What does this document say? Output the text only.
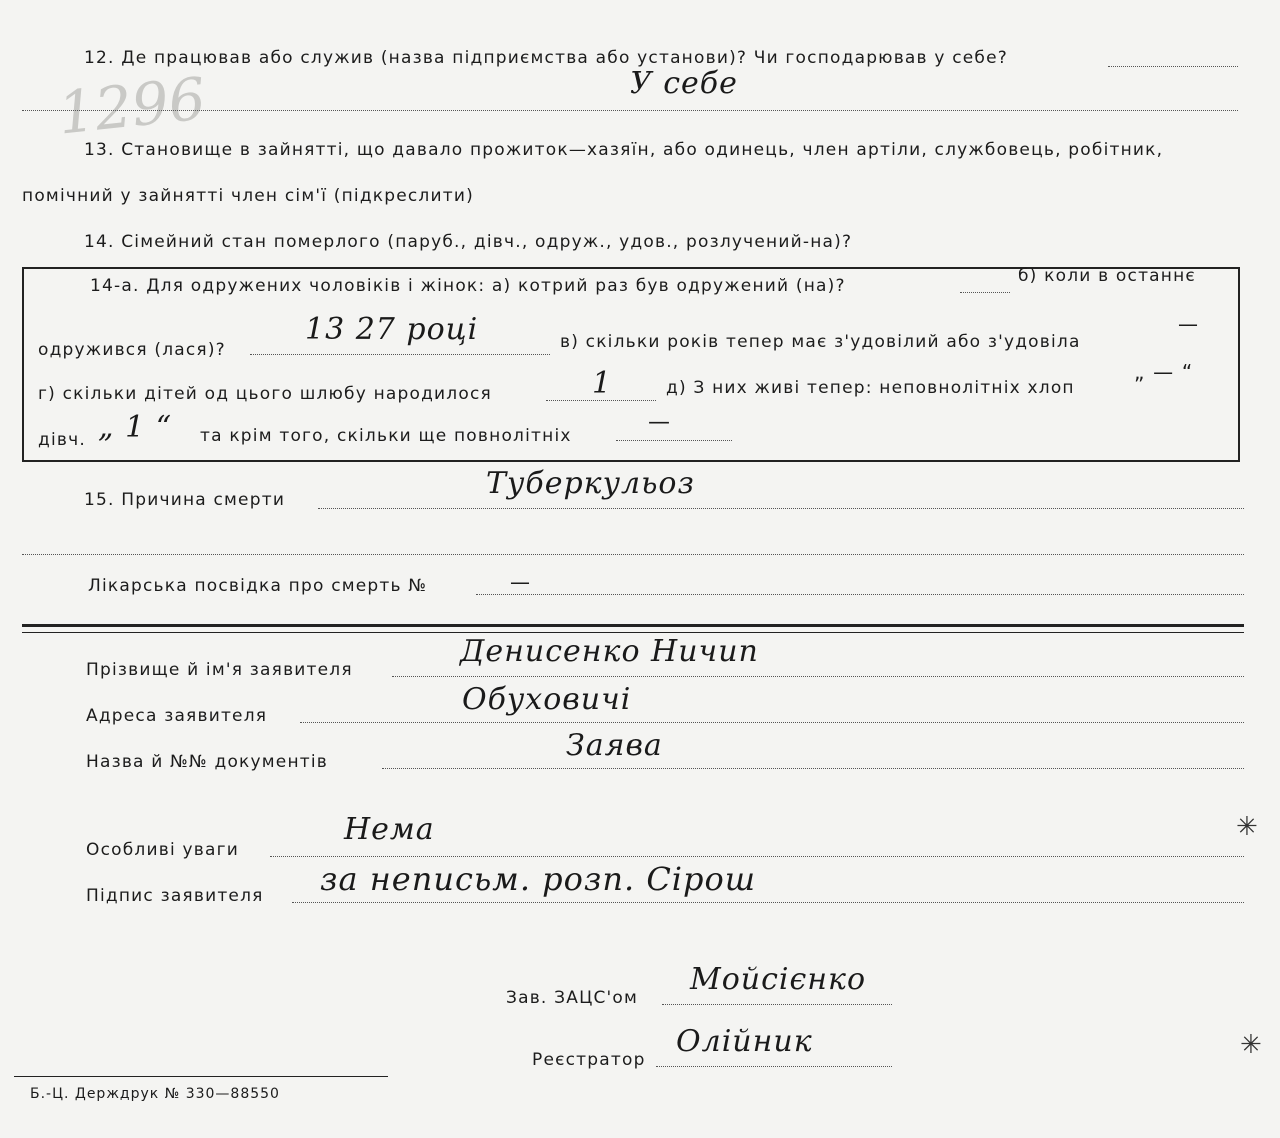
1296
12. Де працював або служив (назва підприємства або установи)? Чи господарював у себе?
У себе
13. Становище в зайнятті, що давало прожиток—хазяїн, або одинець, член артіли, службовець, робітник,
помічний у зайнятті член сім'ї (підкреслити)
14. Сімейний стан померлого (паруб., дівч., одруж., удов., розлучений-на)?
14-а. Для одружених чоловіків і жінок: а) котрий раз був одружений (на)?	б) коли в останнє
одружився (лася)?
13 27 році	в) скільки років тепер має з'удовілий або з'удовіла
—
г) скільки дітей од цього шлюбу народилося	1	д) З них живі тепер: неповнолітніх хлоп
„ — “
дівч. „ 1 “ та крім того, скільки ще повнолітніх
—
15. Причина смерти	Туберкульоз
Лікарська посвідка про смерть №	—
Прізвище й ім'я заявителя
Денисенко Ничип
Адреса заявителя	Обуховичі
Назва й №№ документів	Заява
Особливі уваги
Нема
Підпис заявителя за неписьм. розп. Сірош
✳
✳
Зав. ЗАЦС'ом
Мойсієнко
Реєстратор
Олійник
Б.-Ц. Держдрук № 330—88550
